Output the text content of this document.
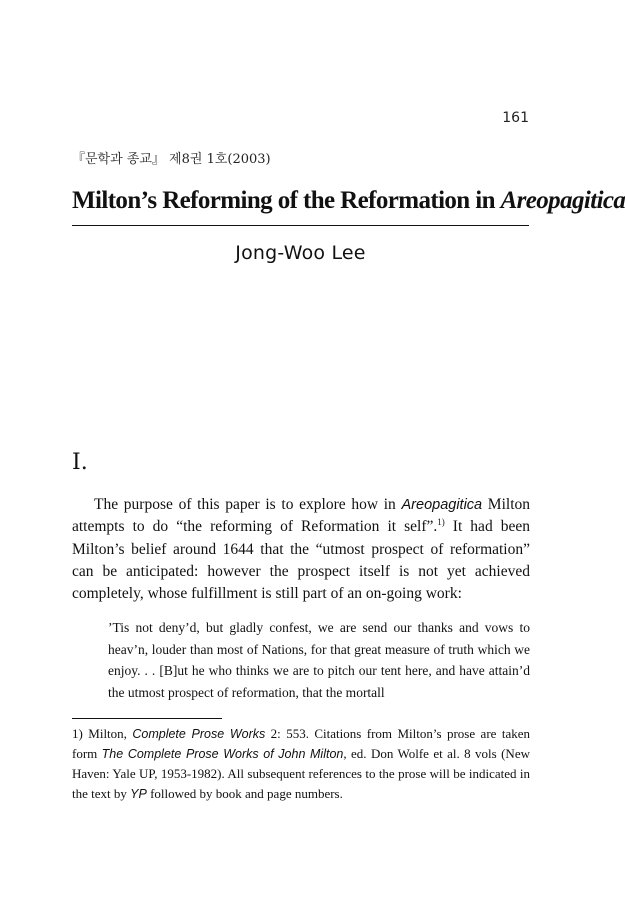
161
『문학과 종교』 제8권 1호(2003)
Milton’s Reforming of the Reformation in Areopagitica
Jong-Woo Lee
I.

The purpose of this paper is to explore how in Areopagitica Milton attempts to do “the reforming of Reformation it self”.$^{1)}$ It had been Milton’s belief around 1644 that the “utmost prospect of reformation” can be anticipated: however the prospect itself is not yet achieved completely, whose fulfillment is still part of an on-going work:

’Tis not deny’d, but gladly confest, we are send our thanks and vows to heav’n, louder than most of Nations, for that great measure of truth which we enjoy. . . [B]ut he who thinks we are to pitch our tent here, and have attain’d the utmost prospect of reformation, that the mortall

1) Milton, Complete Prose Works 2: 553. Citations from Milton’s prose are taken form The Complete Prose Works of John Milton, ed. Don Wolfe et al. 8 vols (New Haven: Yale UP, 1953-1982). All subsequent references to the prose will be indicated in the text by YP followed by book and page numbers.
